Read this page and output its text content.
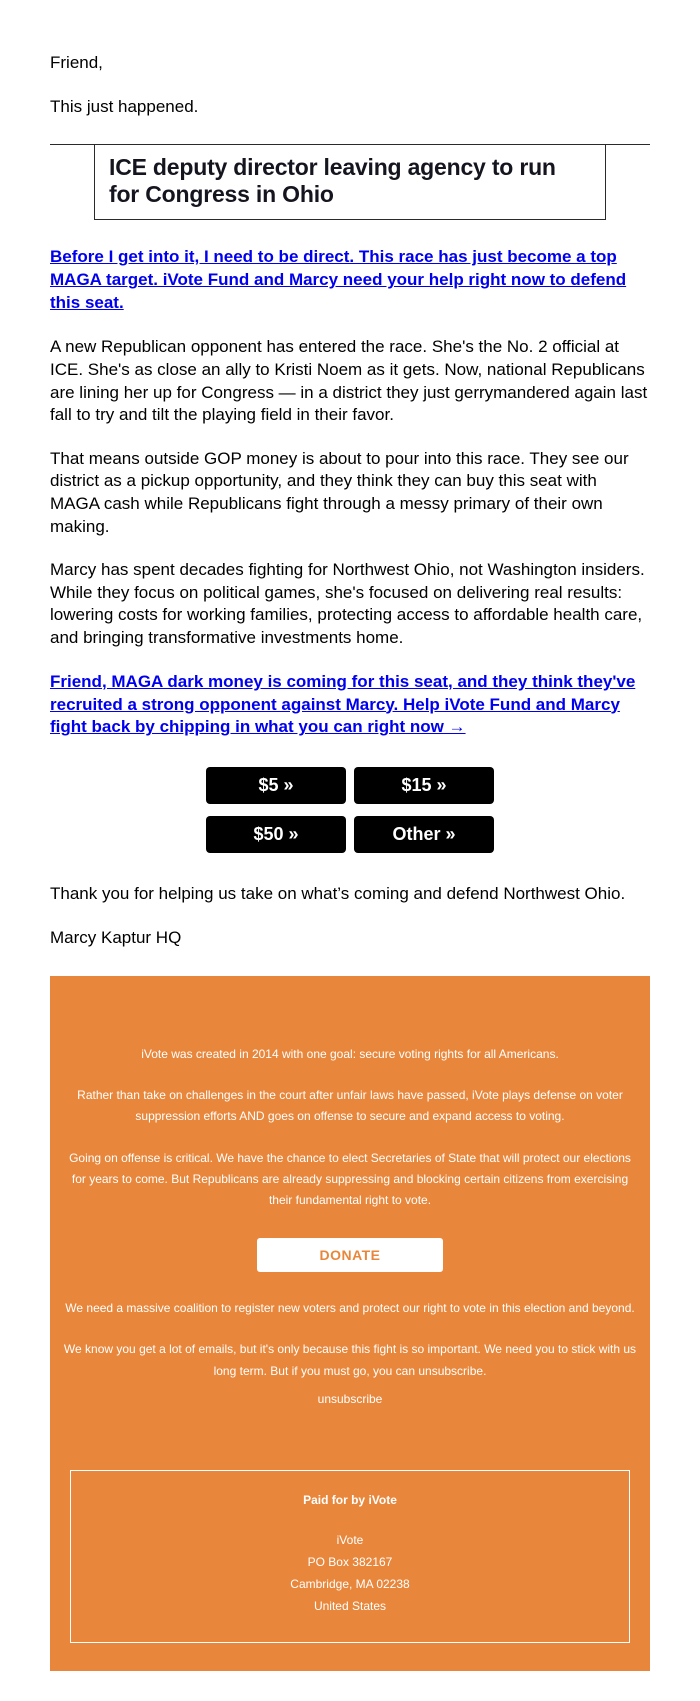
Friend,

This just happened.

ICE deputy director leaving agency to run for Congress in Ohio
Before I get into it, I need to be direct. This race has just become a top MAGA target. iVote Fund and Marcy need your help right now to defend this seat.

A new Republican opponent has entered the race. She's the No. 2 official at ICE. She's as close an ally to Kristi Noem as it gets. Now, national Republicans are lining her up for Congress — in a district they just gerrymandered again last fall to try and tilt the playing field in their favor.

That means outside GOP money is about to pour into this race. They see our district as a pickup opportunity, and they think they can buy this seat with MAGA cash while Republicans fight through a messy primary of their own making.

Marcy has spent decades fighting for Northwest Ohio, not Washington insiders. While they focus on political games, she's focused on delivering real results: lowering costs for working families, protecting access to affordable health care, and bringing transformative investments home.

Friend, MAGA dark money is coming for this seat, and they think they've recruited a strong opponent against Marcy. Help iVote Fund and Marcy fight back by chipping in what you can right now →
$5 »	$15 »
$50 »	Other »

Thank you for helping us take on what’s coming and defend Northwest Ohio.

Marcy Kaptur HQ

iVote was created in 2014 with one goal: secure voting rights for all Americans.

Rather than take on challenges in the court after unfair laws have passed, iVote plays defense on voter suppression efforts AND goes on offense to secure and expand access to voting.

Going on offense is critical. We have the chance to elect Secretaries of State that will protect our elections for years to come. But Republicans are already suppressing and blocking certain citizens from exercising their fundamental right to vote.

DONATE

We need a massive coalition to register new voters and protect our right to vote in this election and beyond.

We know you get a lot of emails, but it's only because this fight is so important. We need you to stick with us long term. But if you must go, you can unsubscribe.

unsubscribe
Paid for by iVote
iVote
PO Box 382167
Cambridge, MA 02238
United States
